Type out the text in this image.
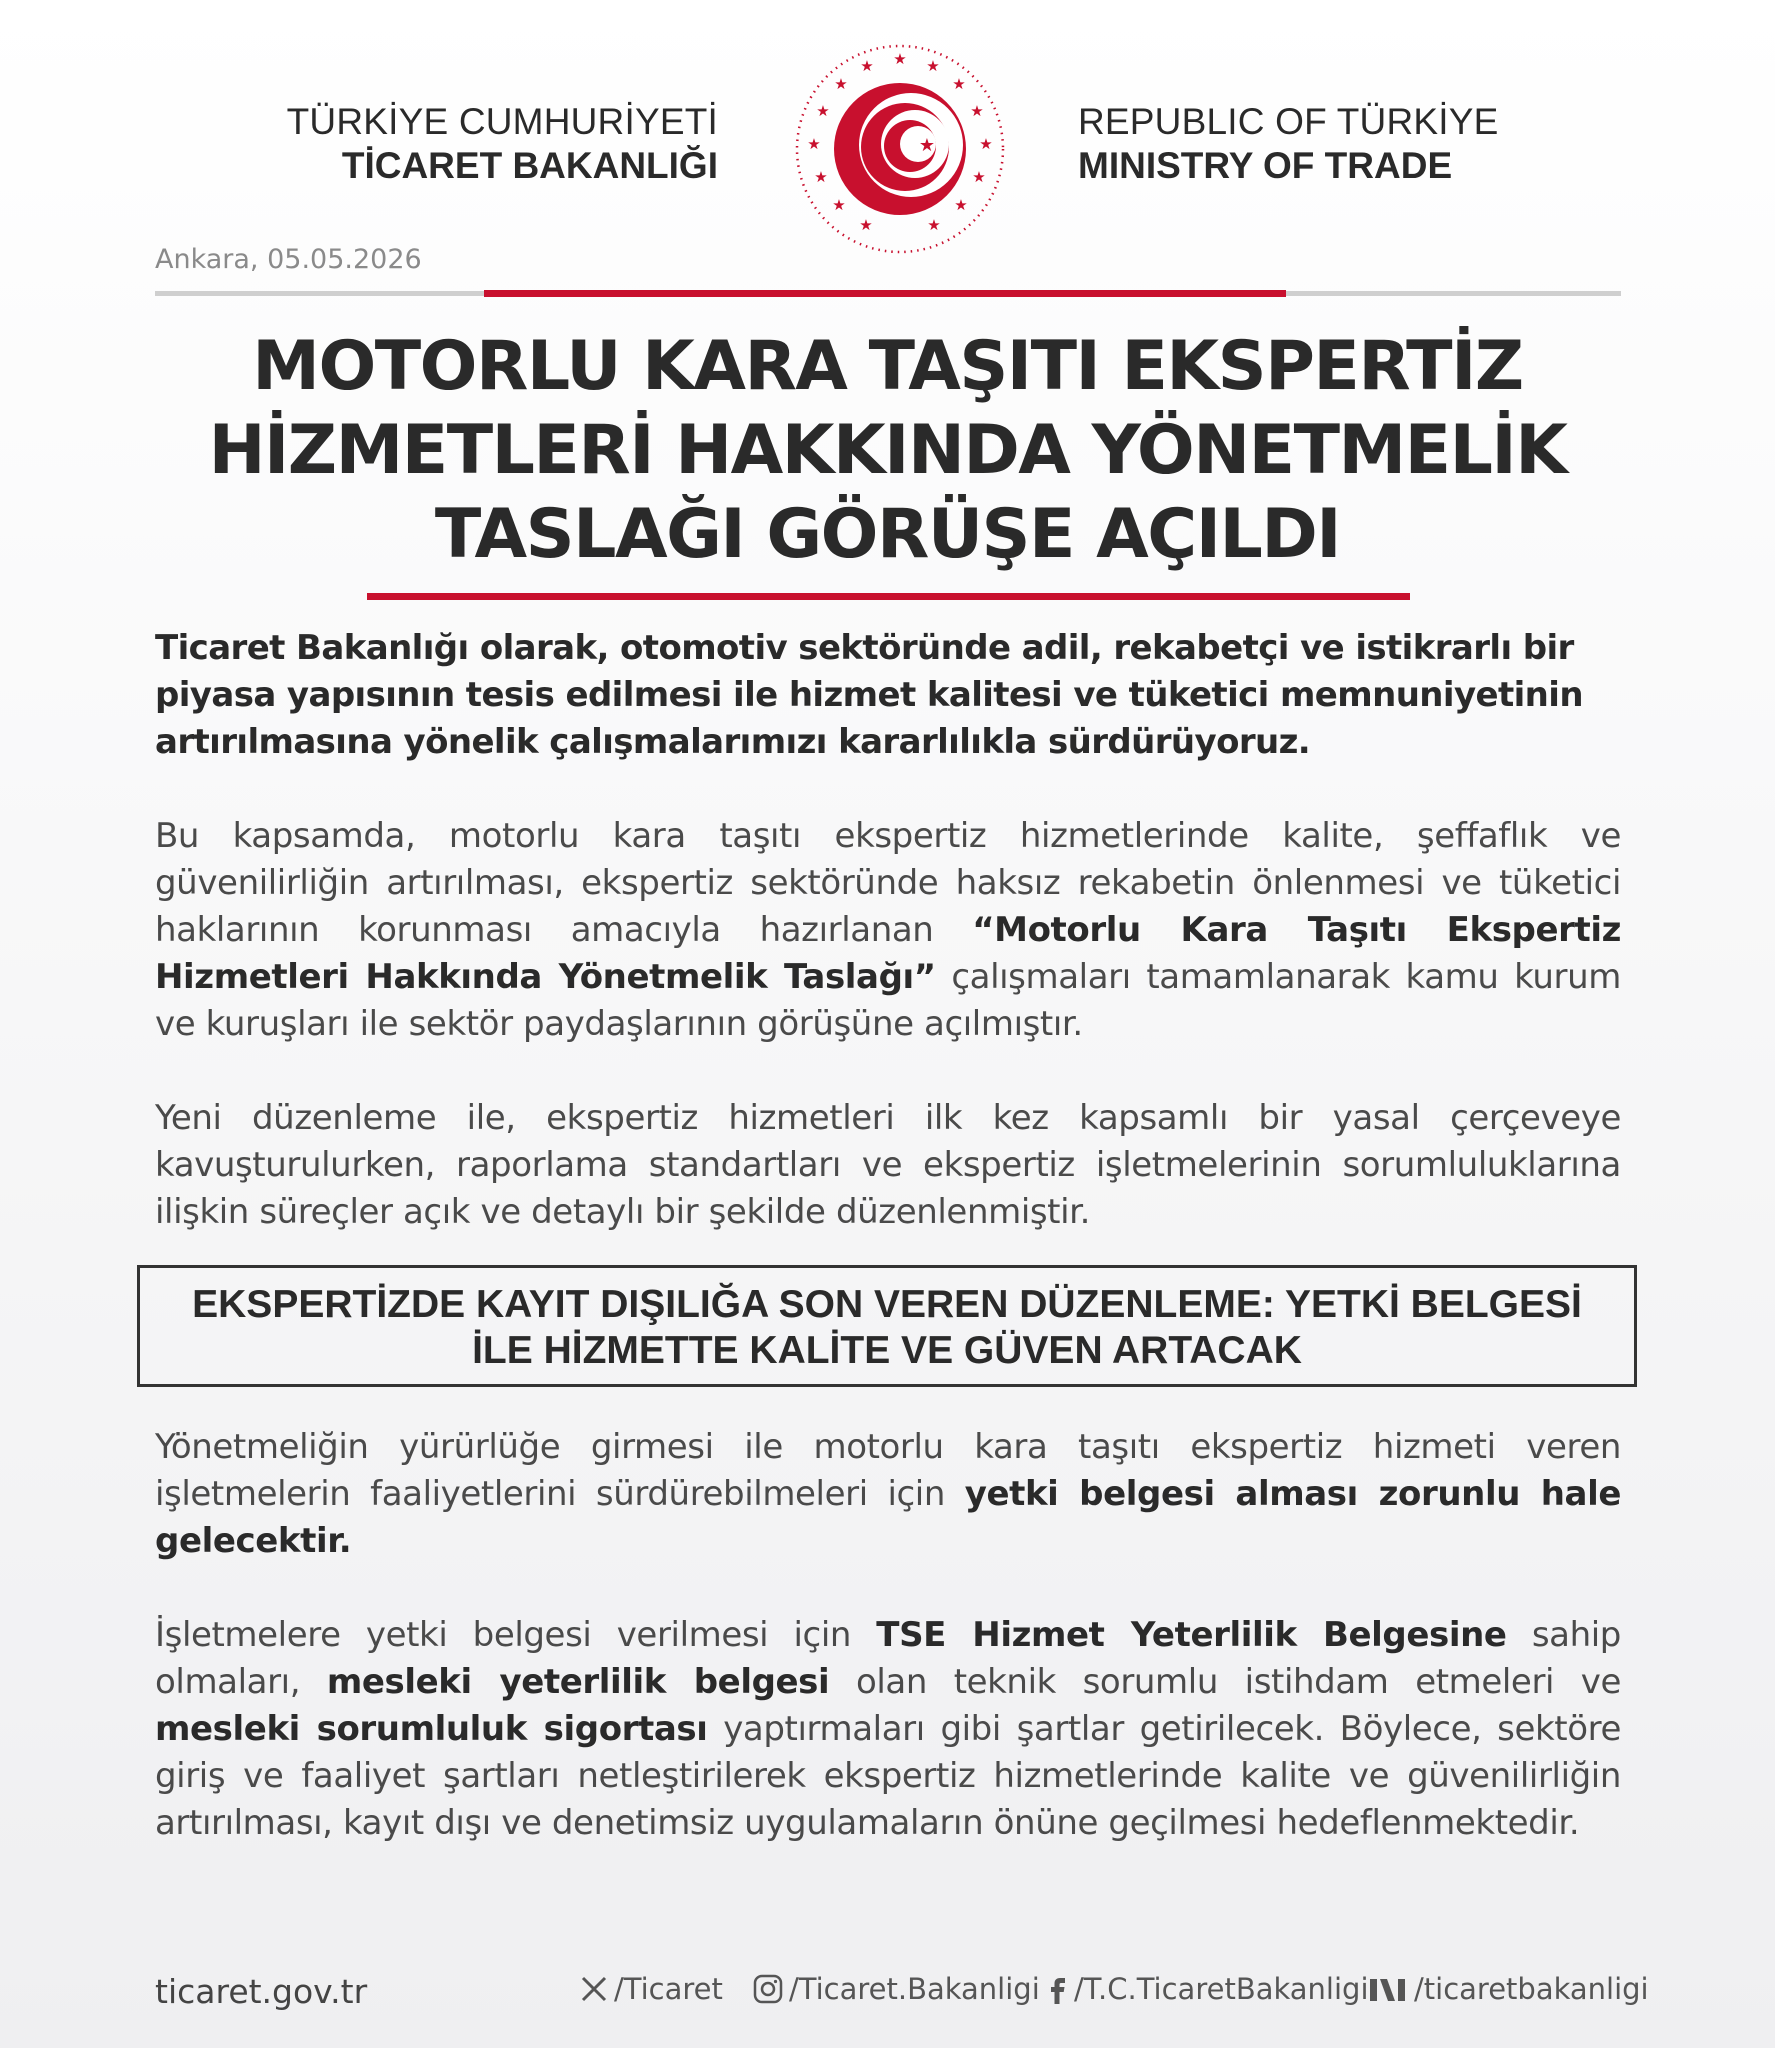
TÜRKİYE CUMHURİYETİ
TİCARET BAKANLIĞI
★ ★
★
★
★
★
★
★
★
★
★
★
★
★
★
★
REPUBLIC OF TÜRKİYE
MINISTRY OF TRADE
Ankara, 05.05.2026
MOTORLU KARA TAŞITI EKSPERTİZ HİZMETLERİ HAKKINDA YÖNETMELİK TASLAĞI GÖRÜŞE AÇILDI
Ticaret Bakanlığı olarak, otomotiv sektöründe adil, rekabetçi ve istikrarlı bir piyasa yapısının tesis edilmesi ile hizmet kalitesi ve tüketici memnuniyetinin artırılmasına yönelik çalışmalarımızı kararlılıkla sürdürüyoruz.
Bu kapsamda, motorlu kara taşıtı ekspertiz hizmetlerinde kalite, şeffaflık ve güvenilirliğin artırılması, ekspertiz sektöründe haksız rekabetin önlenmesi ve tüketici haklarının korunması amacıyla hazırlanan “Motorlu Kara Taşıtı Ekspertiz Hizmetleri Hakkında Yönetmelik Taslağı” çalışmaları tamamlanarak kamu kurum ve kuruşları ile sektör paydaşlarının görüşüne açılmıştır.
Yeni düzenleme ile, ekspertiz hizmetleri ilk kez kapsamlı bir yasal çerçeveye kavuşturulurken, raporlama standartları ve ekspertiz işletmelerinin sorumluluklarına ilişkin süreçler açık ve detaylı bir şekilde düzenlenmiştir.
EKSPERTİZDE KAYIT DIŞILIĞA SON VEREN DÜZENLEME: YETKİ BELGESİ
İLE HİZMETTE KALİTE VE GÜVEN ARTACAK
Yönetmeliğin yürürlüğe girmesi ile motorlu kara taşıtı ekspertiz hizmeti veren işletmelerin faaliyetlerini sürdürebilmeleri için yetki belgesi alması zorunlu hale gelecektir.
İşletmelere yetki belgesi verilmesi için TSE Hizmet Yeterlilik Belgesine sahip olmaları, mesleki yeterlilik belgesi olan teknik sorumlu istihdam etmeleri ve mesleki sorumluluk sigortası yaptırmaları gibi şartlar getirilecek. Böylece, sektöre giriş ve faaliyet şartları netleştirilerek ekspertiz hizmetlerinde kalite ve güvenilirliğin artırılması, kayıt dışı ve denetimsiz uygulamaların önüne geçilmesi hedeflenmektedir.
ticaret.gov.tr	/Ticaret /Ticaret.Bakanligi /T.C.TicaretBakanligi /ticaretbakanligi
